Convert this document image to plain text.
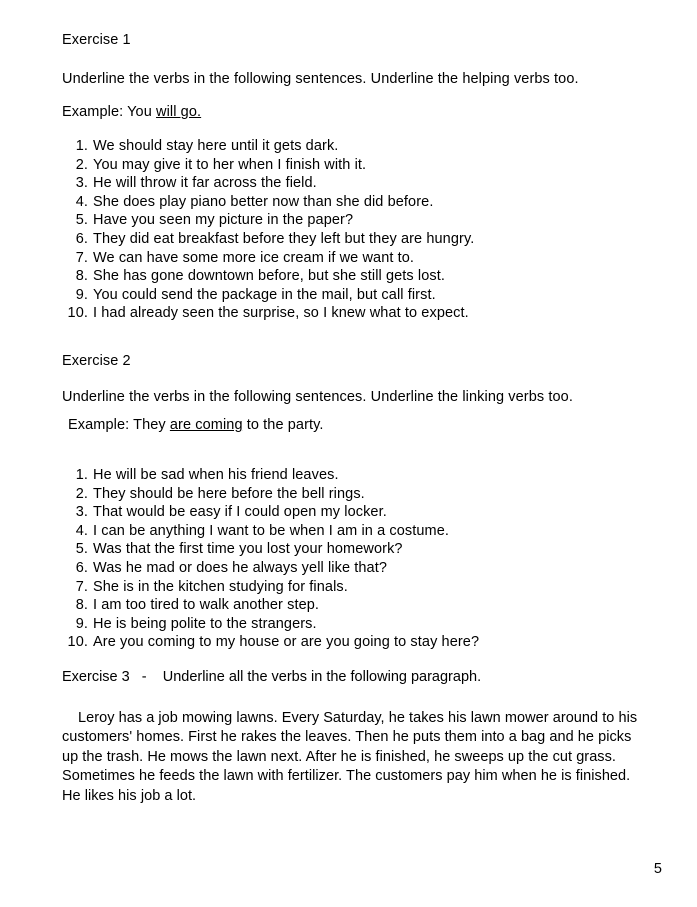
Exercise 1
Underline the verbs in the following sentences. Underline the helping verbs too.
Example: You will go.
1. We should stay here until it gets dark.
2. You may give it to her when I finish with it.
3. He will throw it far across the field.
4. She does play piano better now than she did before.
5. Have you seen my picture in the paper?
6. They did eat breakfast before they left but they are hungry.
7. We can have some more ice cream if we want to.
8. She has gone downtown before, but she still gets lost.
9. You could send the package in the mail, but call first.
10. I had already seen the surprise, so I knew what to expect.
Exercise 2
Underline the verbs in the following sentences. Underline the linking verbs too.
Example: They are coming to the party.
1. He will be sad when his friend leaves.
2. They should be here before the bell rings.
3. That would be easy if I could open my locker.
4. I can be anything I want to be when I am in a costume.
5. Was that the first time you lost your homework?
6. Was he mad or does he always yell like that?
7. She is in the kitchen studying for finals.
8. I am too tired to walk another step.
9. He is being polite to the strangers.
10. Are you coming to my house or are you going to stay here?
Exercise 3   -    Underline all the verbs in the following paragraph.
Leroy has a job mowing lawns. Every Saturday, he takes his lawn mower around to his customers' homes. First he rakes the leaves. Then he puts them into a bag and he picks up the trash. He mows the lawn next. After he is finished, he sweeps up the cut grass. Sometimes he feeds the lawn with fertilizer. The customers pay him when he is finished. He likes his job a lot.
5
